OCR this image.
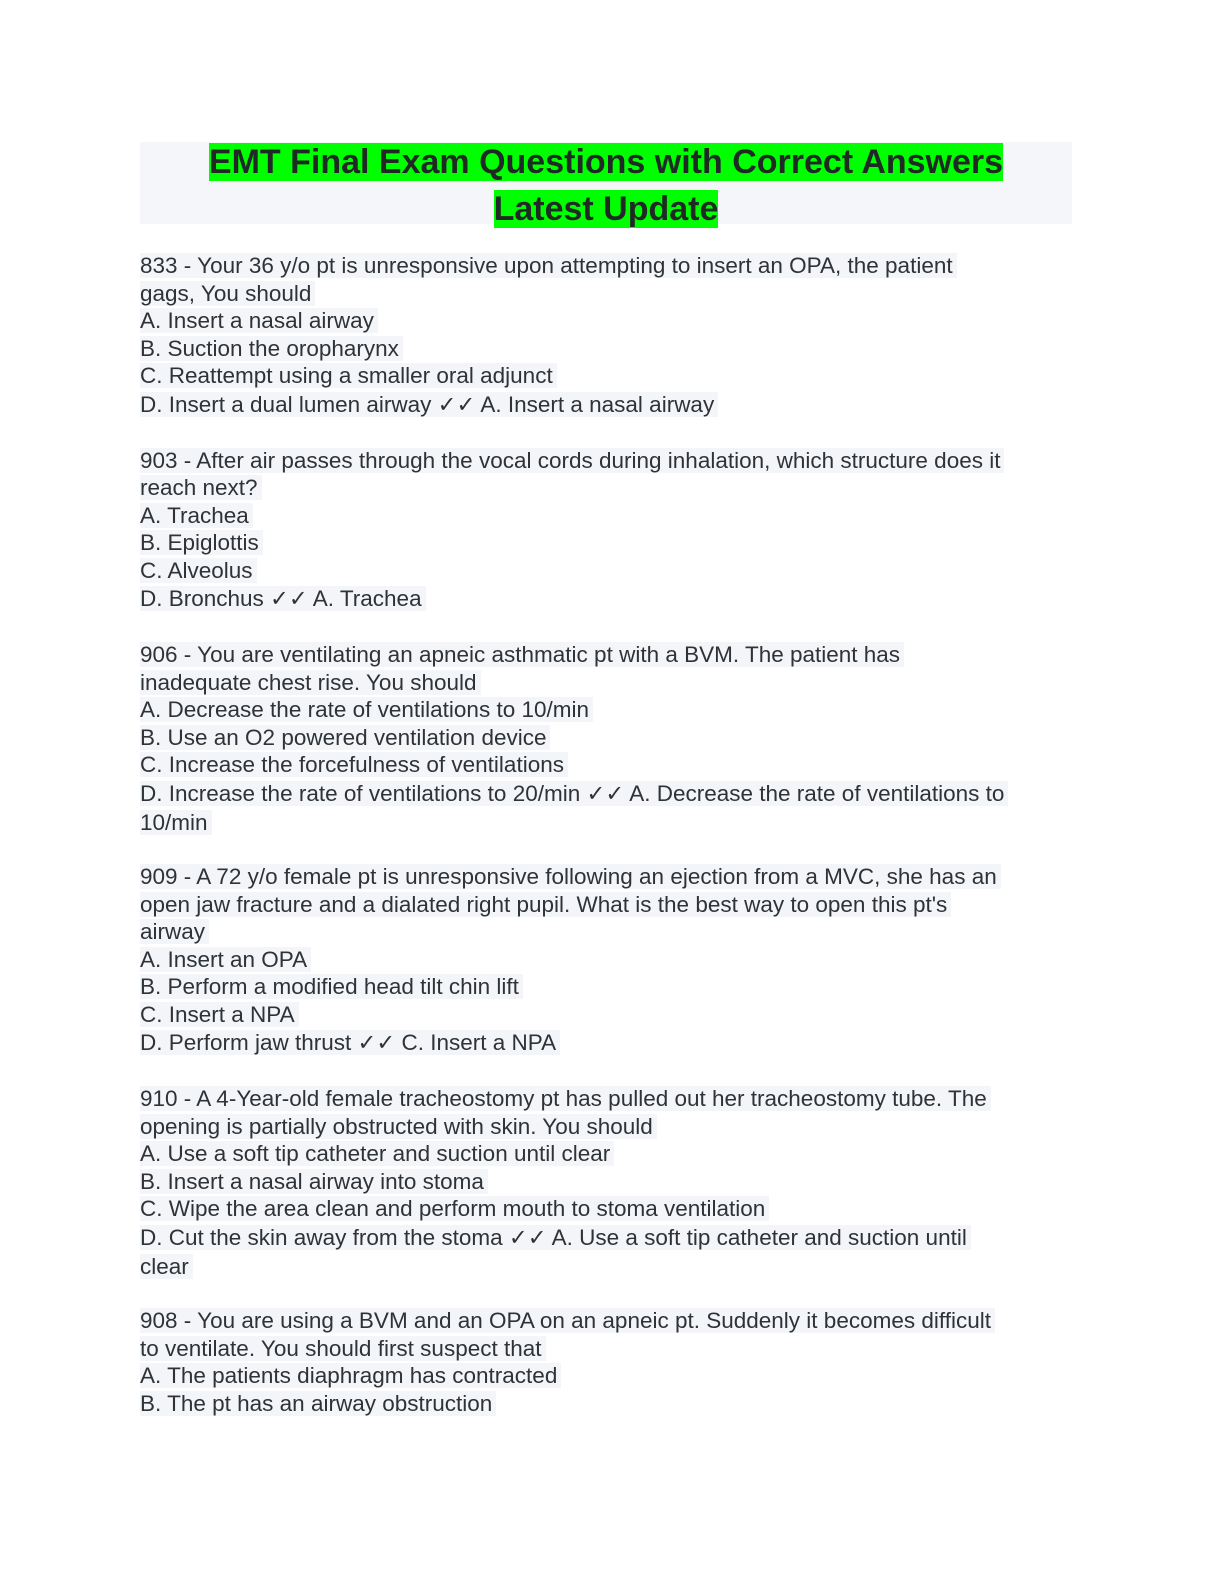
EMT Final Exam Questions with Correct Answers
Latest Update
833 - Your 36 y/o pt is unresponsive upon attempting to insert an OPA, the patient
gags, You should
A. Insert a nasal airway
B. Suction the oropharynx
C. Reattempt using a smaller oral adjunct
D. Insert a dual lumen airway ✓✓ A. Insert a nasal airway
903 - After air passes through the vocal cords during inhalation, which structure does it
reach next?
A. Trachea
B. Epiglottis
C. Alveolus
D. Bronchus ✓✓ A. Trachea
906 - You are ventilating an apneic asthmatic pt with a BVM. The patient has
inadequate chest rise. You should
A. Decrease the rate of ventilations to 10/min
B. Use an O2 powered ventilation device
C. Increase the forcefulness of ventilations
D. Increase the rate of ventilations to 20/min ✓✓ A. Decrease the rate of ventilations to
10/min
909 - A 72 y/o female pt is unresponsive following an ejection from a MVC, she has an
open jaw fracture and a dialated right pupil. What is the best way to open this pt's
airway
A. Insert an OPA
B. Perform a modified head tilt chin lift
C. Insert a NPA
D. Perform jaw thrust ✓✓ C. Insert a NPA
910 - A 4-Year-old female tracheostomy pt has pulled out her tracheostomy tube. The
opening is partially obstructed with skin. You should
A. Use a soft tip catheter and suction until clear
B. Insert a nasal airway into stoma
C. Wipe the area clean and perform mouth to stoma ventilation
D. Cut the skin away from the stoma ✓✓ A. Use a soft tip catheter and suction until
clear
908 - You are using a BVM and an OPA on an apneic pt. Suddenly it becomes difficult
to ventilate. You should first suspect that
A. The patients diaphragm has contracted
B. The pt has an airway obstruction
